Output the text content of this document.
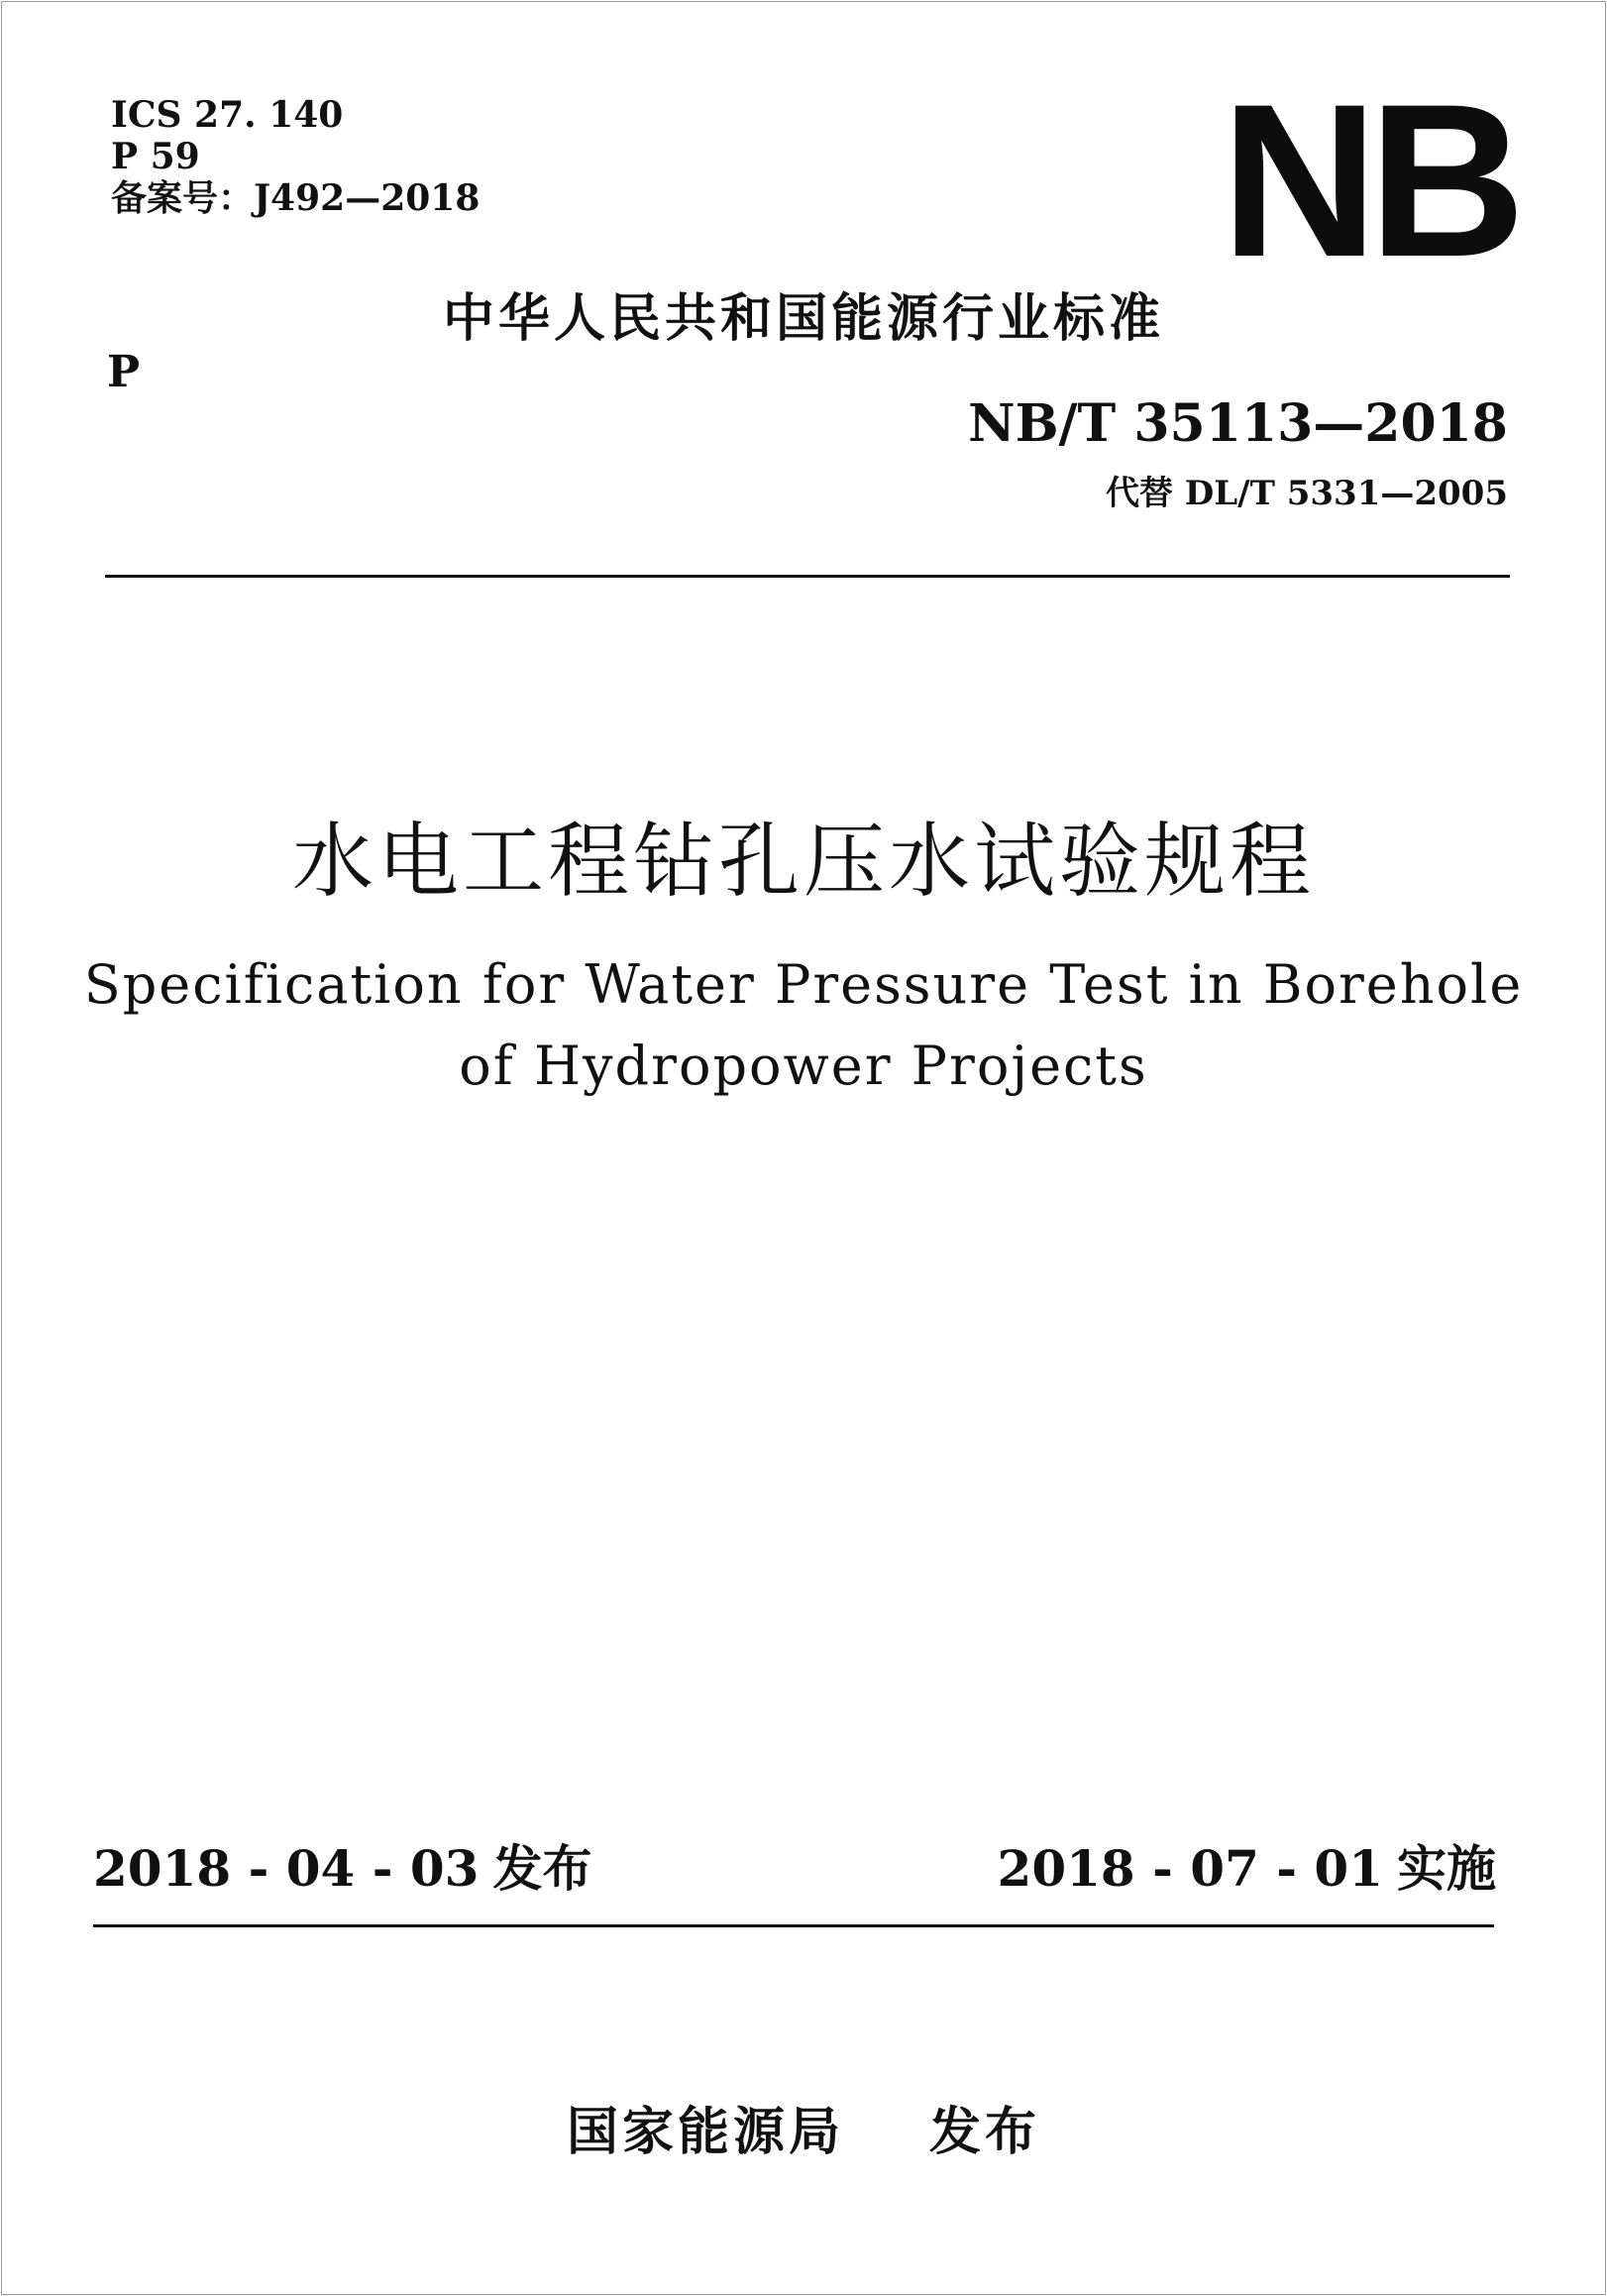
ICS 27. 140
P 59
备案号：J492—2018	NB
中华人民共和国能源行业标准
P
NB/T 35113—2018
代替 DL/T 5331—2005
水电工程钻孔压水试验规程
Specification for Water Pressure Test in Borehole
of Hydropower Projects
2018 - 04 - 03 发布	2018 - 07 - 01 实施
国家能源局 发布
